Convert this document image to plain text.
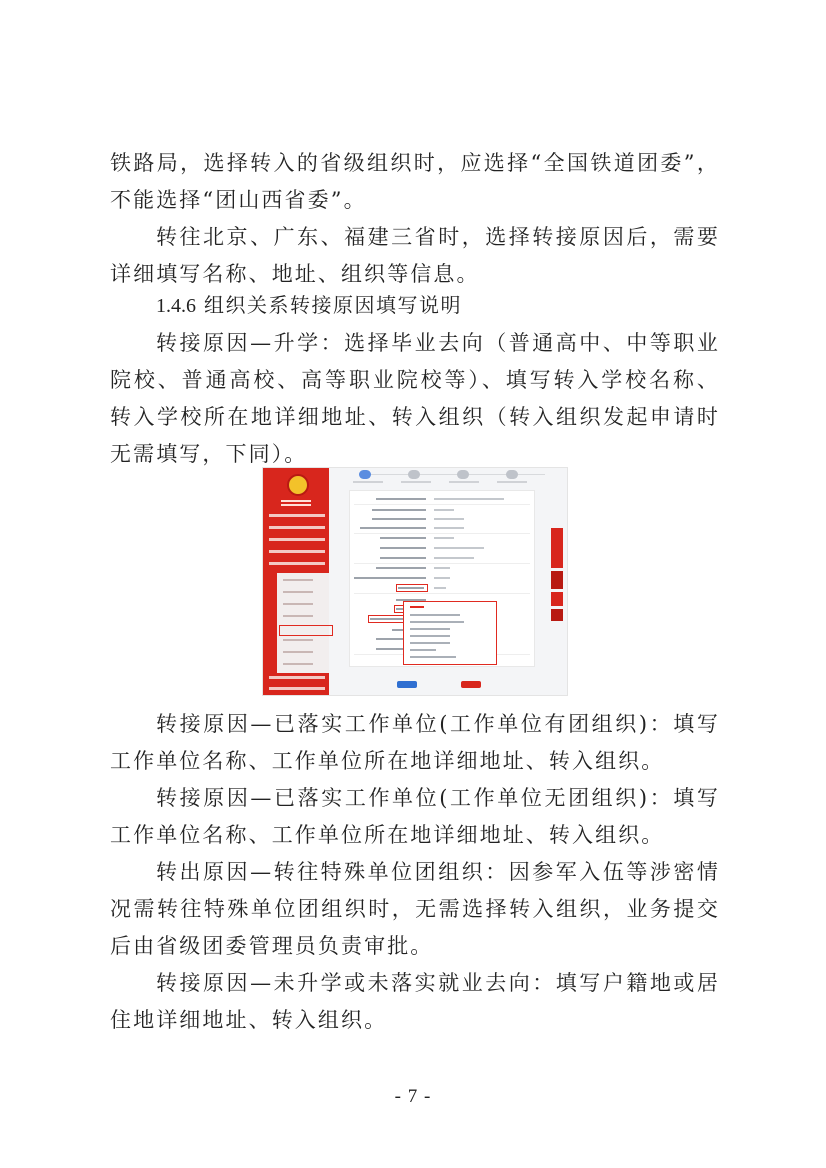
铁路局，选择转入的省级组织时，应选择“全国铁道团委”，不能选择“团山西省委”。

转往北京、广东、福建三省时，选择转接原因后，需要详细填写名称、地址、组织等信息。

1.4.6 组织关系转接原因填写说明

转接原因—升学：选择毕业去向（普通高中、中等职业院校、普通高校、高等职业院校等）、填写转入学校名称、转入学校所在地详细地址、转入组织（转入组织发起申请时无需填写，下同）。

转接原因—已落实工作单位(工作单位有团组织)：填写工作单位名称、工作单位所在地详细地址、转入组织。

转接原因—已落实工作单位(工作单位无团组织)：填写工作单位名称、工作单位所在地详细地址、转入组织。

转出原因—转往特殊单位团组织：因参军入伍等涉密情况需转往特殊单位团组织时，无需选择转入组织，业务提交后由省级团委管理员负责审批。

转接原因—未升学或未落实就业去向：填写户籍地或居住地详细地址、转入组织。

- 7 -
